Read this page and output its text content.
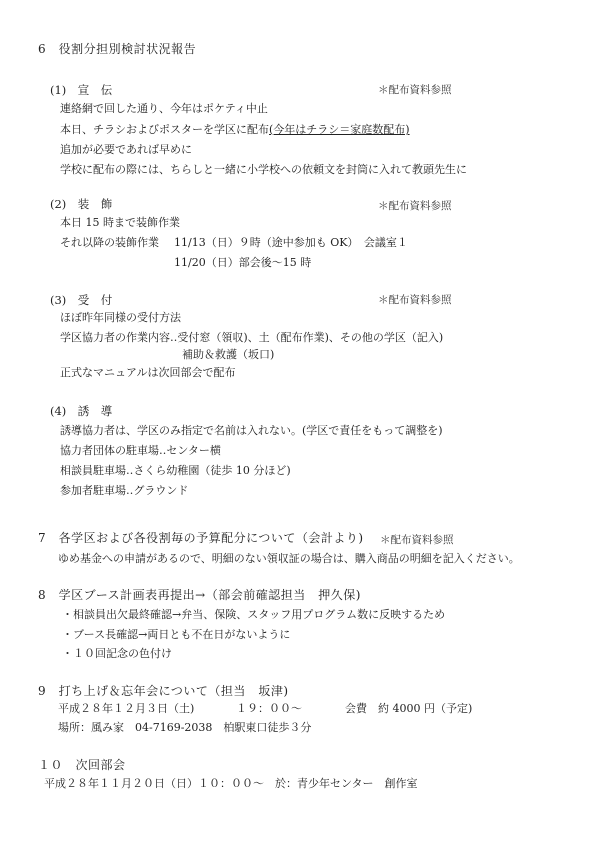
6　役割分担別検討状況報告
(1)　宣　伝	＊配布資料参照
連絡網で回した通り、今年はポケティ中止
本日、チラシおよびポスターを学区に配布(今年はチラシ＝家庭数配布)
追加が必要であれば早めに
学校に配布の際には、ちらしと一緒に小学校への依頼文を封筒に入れて教頭先生に
(2)　装　飾	＊配布資料参照
本日 15 時まで装飾作業
それ以降の装飾作業 11/13（日）９時（途中参加も OK）　会議室１
11/20（日）部会後～15 時
(3)　受　付	＊配布資料参照
ほぼ昨年同様の受付方法
学区協力者の作業内容‥受付窓（領収)、土（配布作業)、その他の学区（記入)
補助＆救護（坂口)
正式なマニュアルは次回部会で配布
(4)　誘　導
誘導協力者は、学区のみ指定で名前は入れない。(学区で責任をもって調整を)
協力者団体の駐車場‥センター横
相談員駐車場‥さくら幼稚園（徒歩 10 分ほど)
参加者駐車場‥グラウンド
7　各学区および各役割毎の予算配分について（会計より) ＊配布資料参照
ゆめ基金への申請があるので、明細のない領収証の場合は、購入商品の明細を記入ください。
8　学区ブース計画表再提出→（部会前確認担当　押久保)
・相談員出欠最終確認→弁当、保険、スタッフ用プログラム数に反映するため
・ブース長確認→両日とも不在日がないように
・１０回記念の色付け
9　打ち上げ＆忘年会について（担当　坂津)
平成２８年１２月３日（土)	１９：００～	会費　約 4000 円（予定)
場所：風み家　04-7169-2038　柏駅東口徒歩３分
１０　次回部会
平成２８年１１月２０日（日）１０：００～　於：青少年センター　創作室
